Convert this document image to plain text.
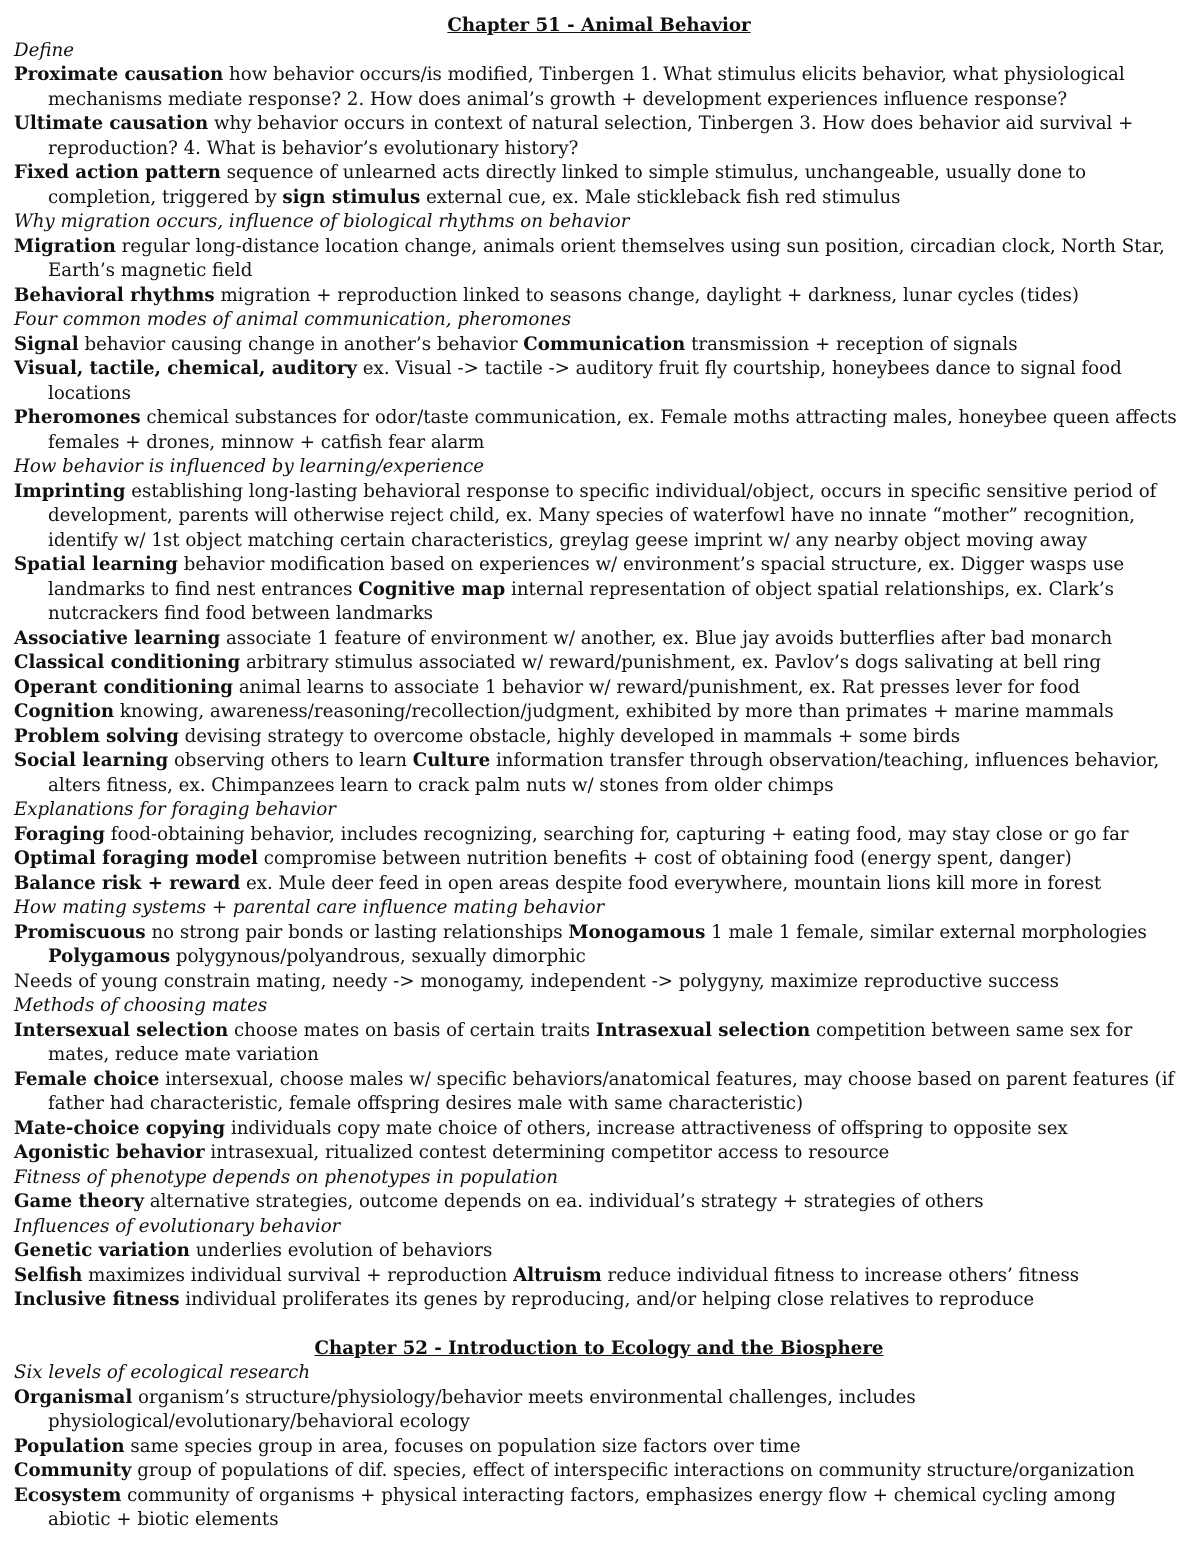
Chapter 51 - Animal Behavior
Define
Proximate causation how behavior occurs/is modified, Tinbergen 1. What stimulus elicits behavior, what physiological mechanisms mediate response? 2. How does animal’s growth + development experiences influence response?
Ultimate causation why behavior occurs in context of natural selection, Tinbergen 3. How does behavior aid survival + reproduction? 4. What is behavior’s evolutionary history?
Fixed action pattern sequence of unlearned acts directly linked to simple stimulus, unchangeable, usually done to completion, triggered by sign stimulus external cue, ex. Male stickleback fish red stimulus
Why migration occurs, influence of biological rhythms on behavior
Migration regular long-distance location change, animals orient themselves using sun position, circadian clock, North Star, Earth’s magnetic field
Behavioral rhythms migration + reproduction linked to seasons change, daylight + darkness, lunar cycles (tides)
Four common modes of animal communication, pheromones
Signal behavior causing change in another’s behavior Communication transmission + reception of signals
Visual, tactile, chemical, auditory ex. Visual -> tactile -> auditory fruit fly courtship, honeybees dance to signal food locations
Pheromones chemical substances for odor/taste communication, ex. Female moths attracting males, honeybee queen affects females + drones, minnow + catfish fear alarm
How behavior is influenced by learning/experience
Imprinting establishing long-lasting behavioral response to specific individual/object, occurs in specific sensitive period of development, parents will otherwise reject child, ex. Many species of waterfowl have no innate “mother” recognition, identify w/ 1st object matching certain characteristics, greylag geese imprint w/ any nearby object moving away
Spatial learning behavior modification based on experiences w/ environment’s spacial structure, ex. Digger wasps use landmarks to find nest entrances Cognitive map internal representation of object spatial relationships, ex. Clark’s nutcrackers find food between landmarks
Associative learning associate 1 feature of environment w/ another, ex. Blue jay avoids butterflies after bad monarch
Classical conditioning arbitrary stimulus associated w/ reward/punishment, ex. Pavlov’s dogs salivating at bell ring
Operant conditioning animal learns to associate 1 behavior w/ reward/punishment, ex. Rat presses lever for food
Cognition knowing, awareness/reasoning/recollection/judgment, exhibited by more than primates + marine mammals
Problem solving devising strategy to overcome obstacle, highly developed in mammals + some birds
Social learning observing others to learn Culture information transfer through observation/teaching, influences behavior, alters fitness, ex. Chimpanzees learn to crack palm nuts w/ stones from older chimps
Explanations for foraging behavior
Foraging food-obtaining behavior, includes recognizing, searching for, capturing + eating food, may stay close or go far
Optimal foraging model compromise between nutrition benefits + cost of obtaining food (energy spent, danger)
Balance risk + reward ex. Mule deer feed in open areas despite food everywhere, mountain lions kill more in forest
How mating systems + parental care influence mating behavior
Promiscuous no strong pair bonds or lasting relationships Monogamous 1 male 1 female, similar external morphologies Polygamous polygynous/polyandrous, sexually dimorphic
Needs of young constrain mating, needy -> monogamy, independent -> polygyny, maximize reproductive success
Methods of choosing mates
Intersexual selection choose mates on basis of certain traits Intrasexual selection competition between same sex for mates, reduce mate variation
Female choice intersexual, choose males w/ specific behaviors/anatomical features, may choose based on parent features (if father had characteristic, female offspring desires male with same characteristic)
Mate-choice copying individuals copy mate choice of others, increase attractiveness of offspring to opposite sex
Agonistic behavior intrasexual, ritualized contest determining competitor access to resource
Fitness of phenotype depends on phenotypes in population
Game theory alternative strategies, outcome depends on ea. individual’s strategy + strategies of others
Influences of evolutionary behavior
Genetic variation underlies evolution of behaviors
Selfish maximizes individual survival + reproduction Altruism reduce individual fitness to increase others’ fitness
Inclusive fitness individual proliferates its genes by reproducing, and/or helping close relatives to reproduce
Chapter 52 - Introduction to Ecology and the Biosphere
Six levels of ecological research
Organismal organism’s structure/physiology/behavior meets environmental challenges, includes physiological/evolutionary/behavioral ecology
Population same species group in area, focuses on population size factors over time
Community group of populations of dif. species, effect of interspecific interactions on community structure/organization
Ecosystem community of organisms + physical interacting factors, emphasizes energy flow + chemical cycling among abiotic + biotic elements
